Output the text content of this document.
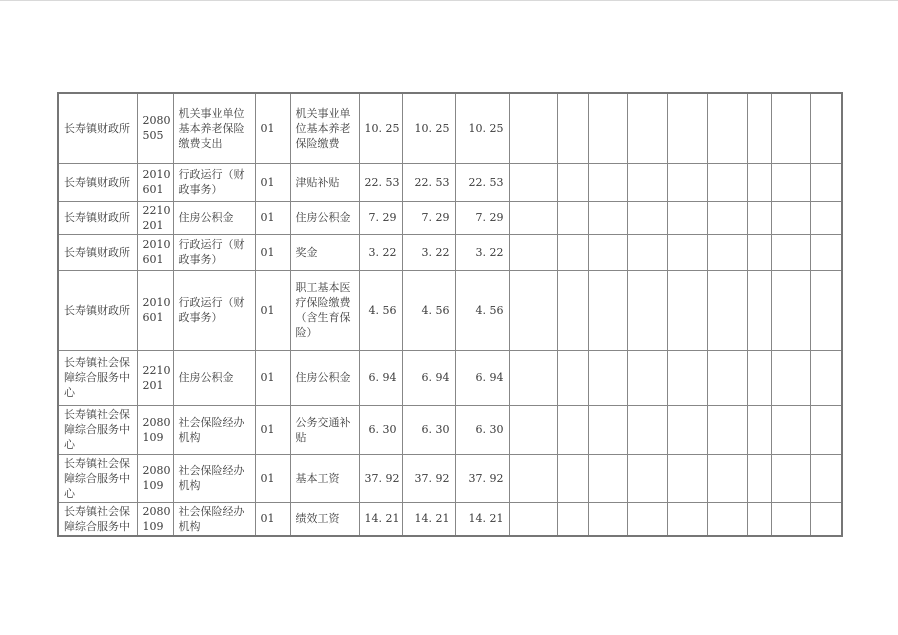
长寿镇财政所	2080505	机关事业单位基本养老保险缴费支出	01	机关事业单位基本养老保险缴费	10. 25	10. 25	10. 25									
长寿镇财政所	2010601	行政运行（财政事务）	01	津贴补贴	22. 53	22. 53	22. 53									
长寿镇财政所	2210201	住房公积金	01	住房公积金	7. 29	7. 29	7. 29									
长寿镇财政所	2010601	行政运行（财政事务）	01	奖金	3. 22	3. 22	3. 22									
长寿镇财政所	2010601	行政运行（财政事务）	01	职工基本医疗保险缴费（含生育保险）	4. 56	4. 56	4. 56									
长寿镇社会保障综合服务中心	2210201	住房公积金	01	住房公积金	6. 94	6. 94	6. 94									
长寿镇社会保障综合服务中心	2080109	社会保险经办机构	01	公务交通补贴	6. 30	6. 30	6. 30									
长寿镇社会保障综合服务中心	2080109	社会保险经办机构	01	基本工资	37. 92	37. 92	37. 92									
长寿镇社会保障综合服务中	2080109	社会保险经办机构	01	绩效工资	14. 21	14. 21	14. 21									
